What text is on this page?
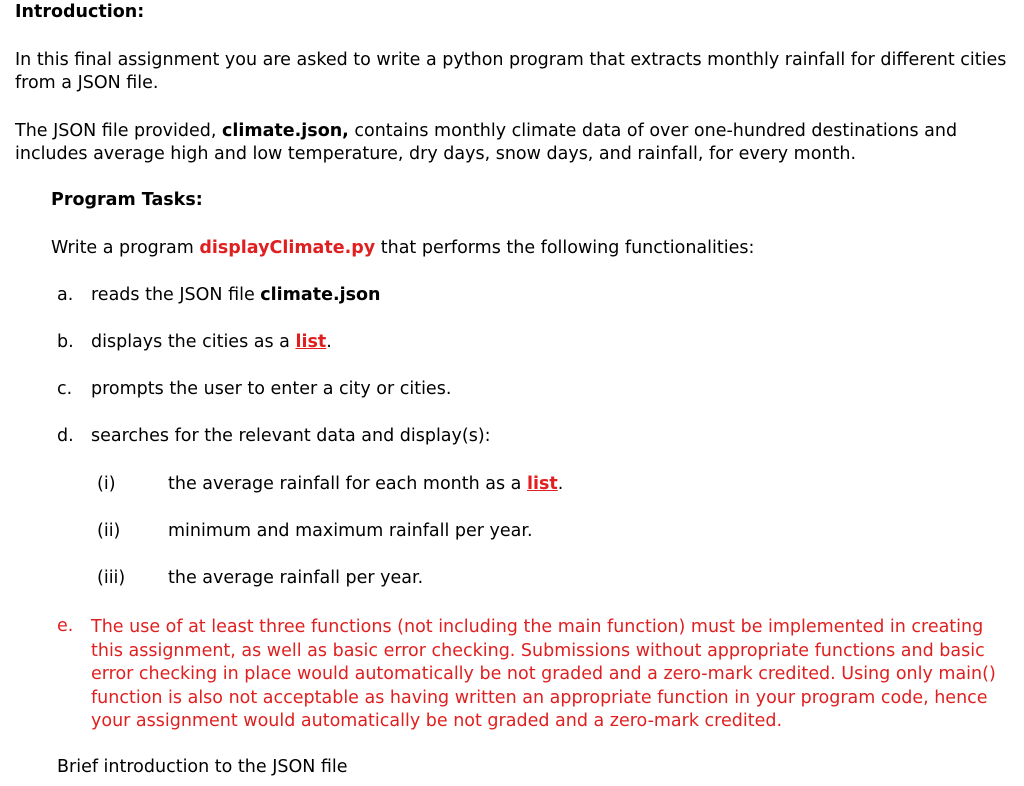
Introduction:
In this final assignment you are asked to write a python program that extracts monthly rainfall for different cities from a JSON file.
The JSON file provided, climate.json, contains monthly climate data of over one-hundred destinations and includes average high and low temperature, dry days, snow days, and rainfall, for every month.
Program Tasks:
Write a program displayClimate.py that performs the following functionalities:
a. reads the JSON file climate.json
b. displays the cities as a list.
c. prompts the user to enter a city or cities.
d. searches for the relevant data and display(s):
(i)	the average rainfall for each month as a list.
(ii)	minimum and maximum rainfall per year.
(iii) the average rainfall per year.
e. The use of at least three functions (not including the main function) must be implemented in creating this assignment, as well as basic error checking. Submissions without appropriate functions and basic error checking in place would automatically be not graded and a zero-mark credited. Using only main() function is also not acceptable as having written an appropriate function in your program code, hence your assignment would automatically be not graded and a zero-mark credited.
Brief introduction to the JSON file
